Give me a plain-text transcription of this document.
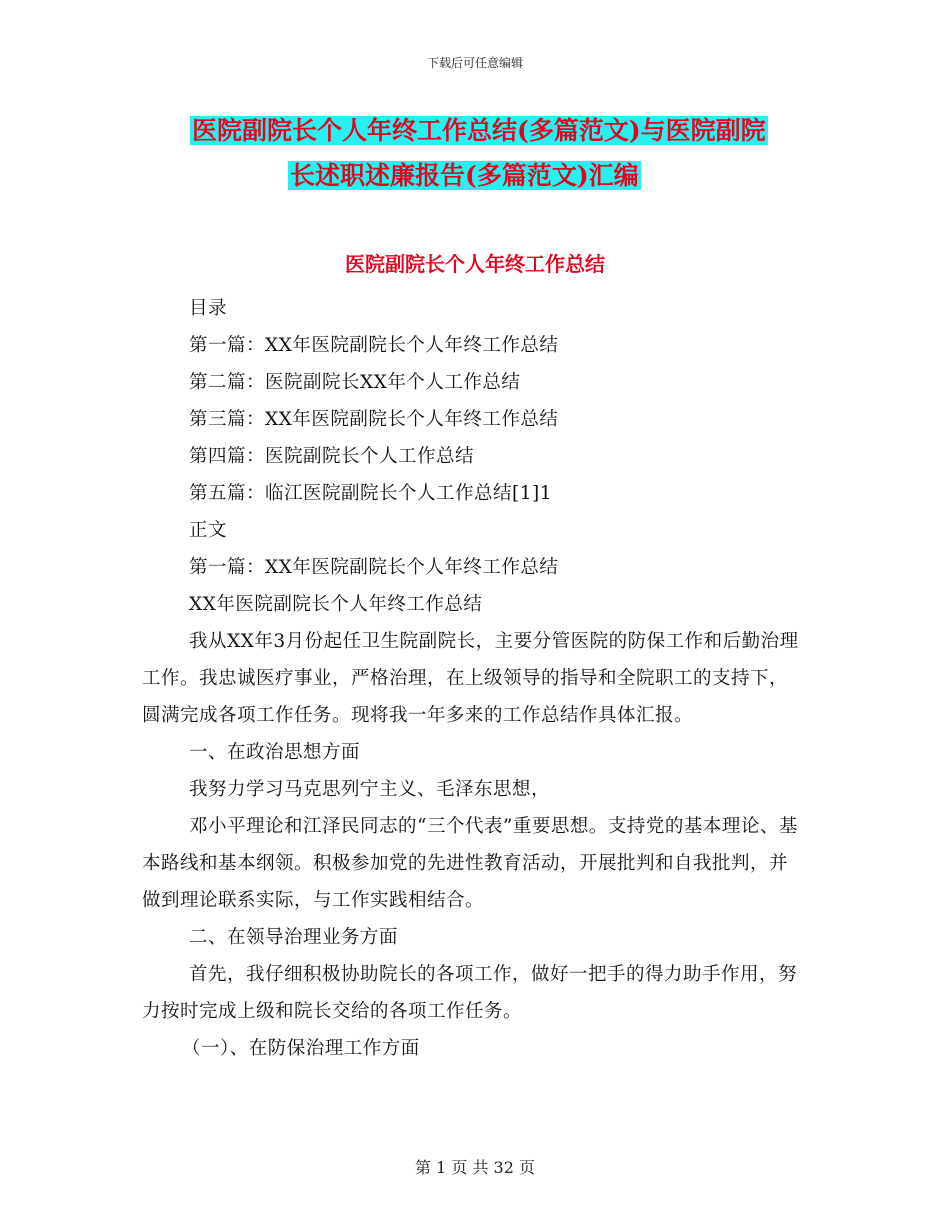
下载后可任意编辑
医院副院长个人年终工作总结(多篇范文)与医院副院
长述职述廉报告(多篇范文)汇编
医院副院长个人年终工作总结

目录

第一篇：XX年医院副院长个人年终工作总结

第二篇：医院副院长XX年个人工作总结

第三篇：XX年医院副院长个人年终工作总结

第四篇：医院副院长个人工作总结

第五篇：临江医院副院长个人工作总结[1]1

正文

第一篇：XX年医院副院长个人年终工作总结

XX年医院副院长个人年终工作总结

我从XX年3月份起任卫生院副院长，主要分管医院的防保工作和后勤治理工作。我忠诚医疗事业，严格治理，在上级领导的指导和全院职工的支持下，圆满完成各项工作任务。现将我一年多来的工作总结作具体汇报。

一、在政治思想方面

我努力学习马克思列宁主义、毛泽东思想，

邓小平理论和江泽民同志的“三个代表”重要思想。支持党的基本理论、基本路线和基本纲领。积极参加党的先进性教育活动，开展批判和自我批判，并做到理论联系实际，与工作实践相结合。

二、在领导治理业务方面

首先，我仔细积极协助院长的各项工作，做好一把手的得力助手作用，努力按时完成上级和院长交给的各项工作任务。

（一）、在防保治理工作方面

第 1 页 共 32 页
